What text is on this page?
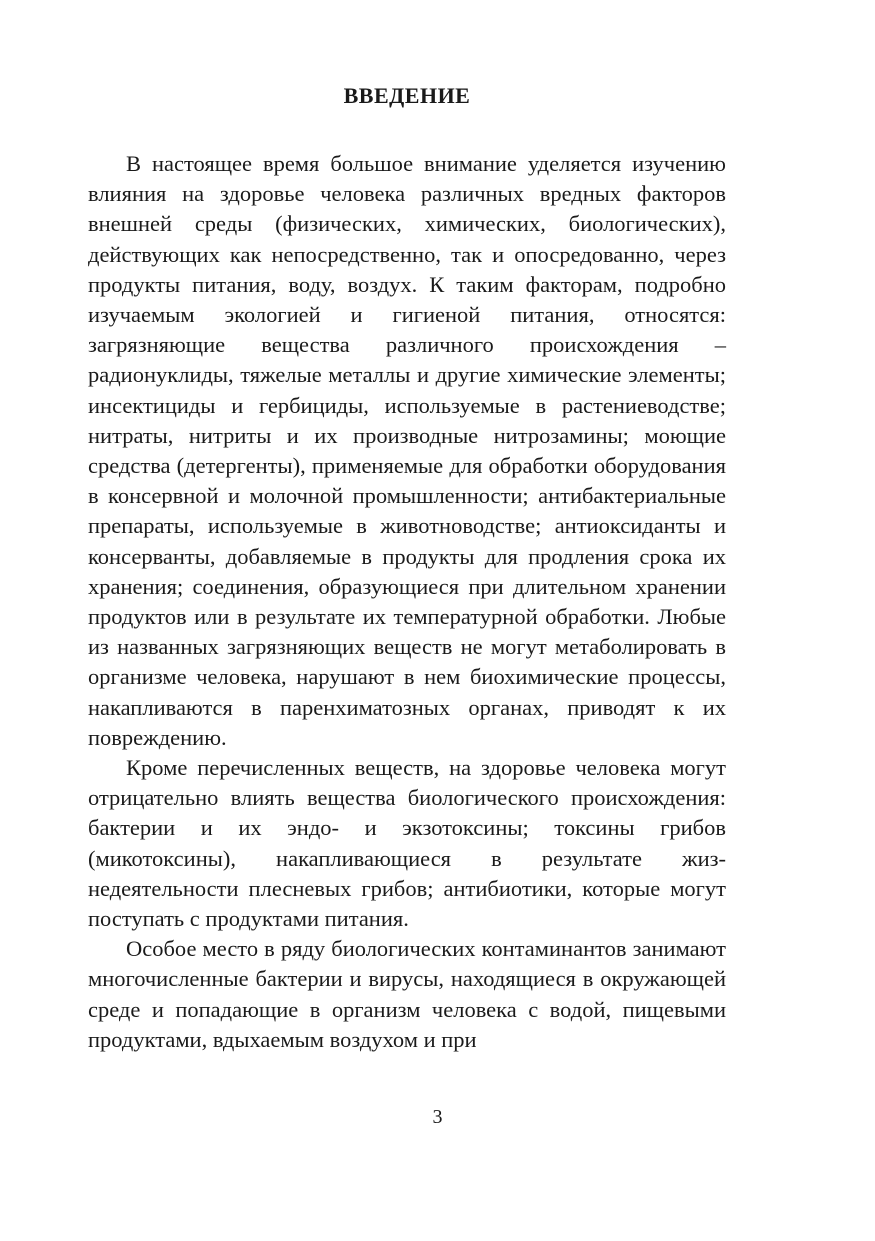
ВВЕДЕНИЕ

В настоящее время большое внимание уделяется изучению влияния на здоровье человека различных вредных факторов внешней среды (физических, химических, биологических), действующих как непосредственно, так и опосредованно, через продукты питания, воду, воздух. К таким факторам, подробно изучаемым экологией и гигиеной питания, относятся: загрязняющие вещества различного происхождения – радионуклиды, тяжелые металлы и другие химические элементы; инсектициды и гербициды, используемые в растениеводстве; нитраты, нитриты и их производные нитрозамины; моющие средства (детергенты), применяемые для обработки оборудования в консервной и молочной промышленности; антибактериальные препараты, используемые в животноводстве; антиоксиданты и консерванты, добавляемые в продукты для продления срока их хранения; соединения, образующиеся при длительном хранении продуктов или в результате их температурной обработки. Любые из названных загрязняющих веществ не могут метаболировать в организме человека, нарушают в нем биохимические процессы, накапливаются в паренхиматозных органах, приводят к их повреждению.

Кроме перечисленных веществ, на здоровье человека могут отрицательно влиять вещества биологического происхождения: бактерии и их эндо- и экзотоксины; токсины грибов (микотоксины), накапливающиеся в результате жизнедеятельности плесневых грибов; антибиотики, которые могут поступать с продуктами питания.

Особое место в ряду биологических контаминантов занимают многочисленные бактерии и вирусы, находящиеся в окружающей среде и попадающие в организм человека с водой, пищевыми продуктами, вдыхаемым воздухом и при

3
